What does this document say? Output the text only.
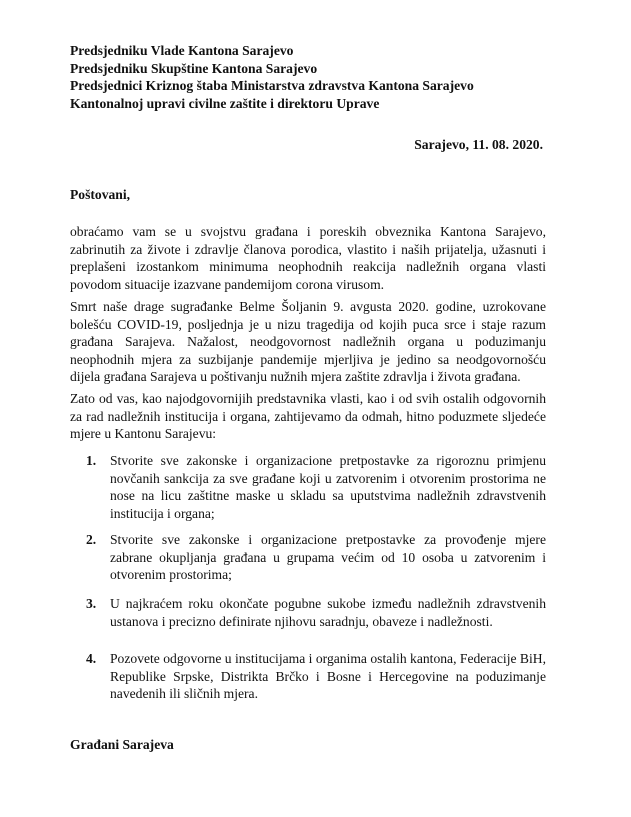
Predsjedniku Vlade Kantona Sarajevo
Predsjedniku Skupštine Kantona Sarajevo
Predsjednici Kriznog štaba Ministarstva zdravstva Kantona Sarajevo
Kantonalnoj upravi civilne zaštite i direktoru Uprave
Sarajevo, 11. 08. 2020.
Poštovani,
obraćamo vam se u svojstvu građana i poreskih obveznika Kantona Sarajevo, zabrinutih za živote i zdravlje članova porodica, vlastito i naših prijatelja, užasnuti i preplašeni izostankom minimuma neophodnih reakcija nadležnih organa vlasti povodom situacije izazvane pandemijom corona virusom.
Smrt naše drage sugrađanke Belme Šoljanin 9. avgusta 2020. godine, uzrokovane bolešću COVID-19, posljednja je u nizu tragedija od kojih puca srce i staje razum građana Sarajeva. Nažalost, neodgovornost nadležnih organa u poduzimanju neophodnih mjera za suzbijanje pandemije mjerljiva je jedino sa neodgovornošću dijela građana Sarajeva u poštivanju nužnih mjera zaštite zdravlja i života građana.
Zato od vas, kao najodgovornijih predstavnika vlasti, kao i od svih ostalih odgovornih za rad nadležnih institucija i organa, zahtijevamo da odmah, hitno poduzmete sljedeće mjere u Kantonu Sarajevu:
1.	Stvorite sve zakonske i organizacione pretpostavke za rigoroznu primjenu novčanih sankcija za sve građane koji u zatvorenim i otvorenim prostorima ne nose na licu zaštitne maske u skladu sa uputstvima nadležnih zdravstvenih institucija i organa;
2.	Stvorite sve zakonske i organizacione pretpostavke za provođenje mjere zabrane okupljanja građana u grupama većim od 10 osoba u zatvorenim i otvorenim prostorima;
3.	U najkraćem roku okončate pogubne sukobe između nadležnih zdravstvenih ustanova i precizno definirate njihovu saradnju, obaveze i nadležnosti.
4.	Pozovete odgovorne u institucijama i organima ostalih kantona, Federacije BiH, Republike Srpske, Distrikta Brčko i Bosne i Hercegovine na poduzimanje navedenih ili sličnih mjera.
Građani Sarajeva
